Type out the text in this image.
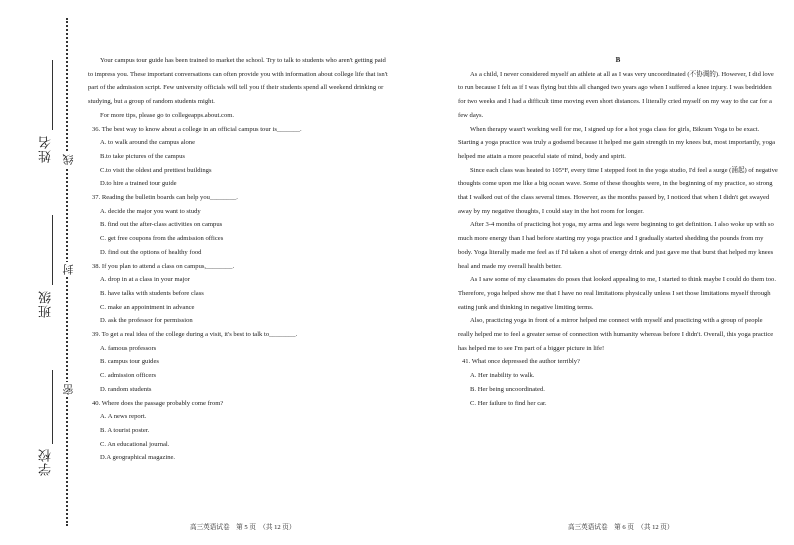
姓名
班级
学校
线
封
密

Your campus tour guide has been trained to market the school. Try to talk to students who aren't getting paid to impress you. These important conversations can often provide you with information about college life that isn't part of the admission script. Few university officials will tell you if their students spend all weekend drinking or studying, but a group of random students might.

For more tips, please go to collegeapps.about.com.

36. The best way to know about a college in an official campus tour is_______.

A. to walk around the campus alone

B.to take pictures of the campus

C.to visit the oldest and prettiest buildings

D.to hire a trained tour guide

37. Reading the bulletin boards can help you________.

A. decide the major you want to study

B. find out the after-class activities on campus

C. get free coupons from the admission offices

D. find out the options of healthy food

38. If you plan to attend a class on campus,________.

A. drop in at a class in your major

B. have talks with students before class

C. make an appointment in advance

D. ask the professor for permission

39. To get a real idea of the college during a visit, it's best to talk to________.

A. famous professors

B. campus tour guides

C. admission officers

D. random students

40. Where does the passage probably come from?

A. A news report.

B. A tourist poster.

C. An educational journal.

D.A geographical magazine.

高三英语试卷　第 5 页　（共 12 页）

B

As a child, I never considered myself an athlete at all as I was very uncoordinated (不协调的). However, I did love to run because I felt as if I was flying but this all changed two years ago when I suffered a knee injury. I was bedridden for two weeks and I had a difficult time moving even short distances. I literally cried myself on my way to the car for a few days.

When therapy wasn't working well for me, I signed up for a hot yoga class for girls, Bikram Yoga to be exact. Starting a yoga practice was truly a godsend because it helped me gain strength in my knees but, most importantly, yoga helped me attain a more peaceful state of mind, body and spirit.

Since each class was heated to 105°F, every time I stepped foot in the yoga studio, I'd feel a surge (涌起) of negative thoughts come upon me like a big ocean wave. Some of these thoughts were, in the beginning of my practice, so strong that I walked out of the class several times. However, as the months passed by, I noticed that when I didn't get swayed away by my negative thoughts, I could stay in the hot room for longer.

After 3-4 months of practicing hot yoga, my arms and legs were beginning to get definition. I also woke up with so much more energy than I had before starting my yoga practice and I gradually started shedding the pounds from my body. Yoga literally made me feel as if I'd taken a shot of energy drink and just gave me that burst that helped my knees heal and made my overall health better.

As I saw some of my classmates do poses that looked appealing to me, I started to think maybe I could do them too. Therefore, yoga helped show me that I have no real limitations physically unless I set those limitations myself through eating junk and thinking in negative limiting terms.

Also, practicing yoga in front of a mirror helped me connect with myself and practicing with a group of people really helped me to feel a greater sense of connection with humanity whereas before I didn't. Overall, this yoga practice has helped me to see I'm part of a bigger picture in life!

41. What once depressed the author terribly?

A. Her inability to walk.

B. Her being uncoordinated.

C. Her failure to find her car.

高三英语试卷　第 6 页　（共 12 页）
